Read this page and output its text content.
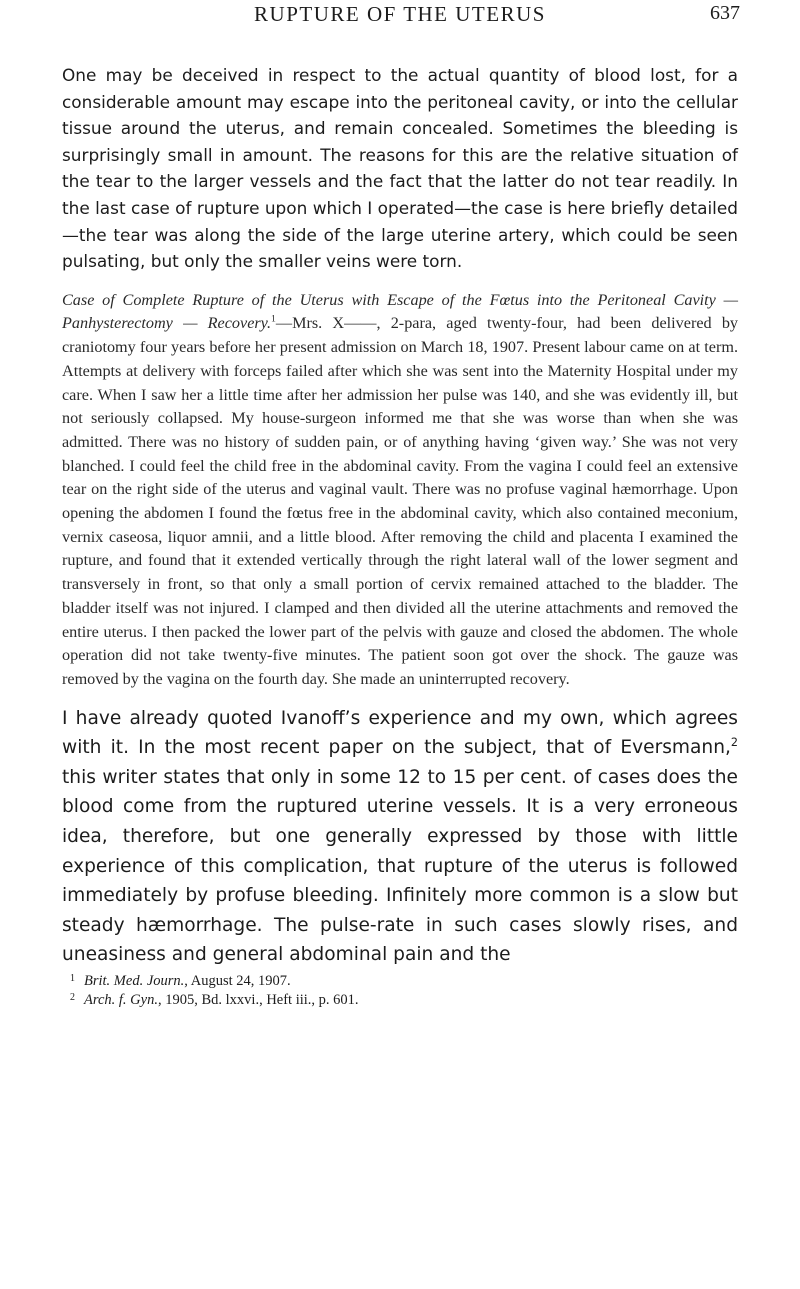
RUPTURE OF THE UTERUS	637

One may be deceived in respect to the actual quantity of blood lost, for a considerable amount may escape into the peritoneal cavity, or into the cellular tissue around the uterus, and remain concealed. Sometimes the bleeding is surprisingly small in amount. The reasons for this are the relative situation of the tear to the larger vessels and the fact that the latter do not tear readily. In the last case of rupture upon which I operated—the case is here briefly detailed—the tear was along the side of the large uterine artery, which could be seen pulsating, but only the smaller veins were torn.

Case of Complete Rupture of the Uterus with Escape of the Fœtus into the Peritoneal Cavity — Panhysterectomy — Recovery.$^1$—Mrs. X——, 2-para, aged twenty-four, had been delivered by craniotomy four years before her present admission on March 18, 1907. Present labour came on at term. Attempts at delivery with forceps failed after which she was sent into the Maternity Hospital under my care. When I saw her a little time after her admission her pulse was 140, and she was evidently ill, but not seriously collapsed. My house-surgeon informed me that she was worse than when she was admitted. There was no history of sudden pain, or of anything having ‘given way.’ She was not very blanched. I could feel the child free in the abdominal cavity. From the vagina I could feel an extensive tear on the right side of the uterus and vaginal vault. There was no profuse vaginal hæmorrhage. Upon opening the abdomen I found the fœtus free in the abdominal cavity, which also contained meconium, vernix caseosa, liquor amnii, and a little blood. After removing the child and placenta I examined the rupture, and found that it extended vertically through the right lateral wall of the lower segment and transversely in front, so that only a small portion of cervix remained attached to the bladder. The bladder itself was not injured. I clamped and then divided all the uterine attachments and removed the entire uterus. I then packed the lower part of the pelvis with gauze and closed the abdomen. The whole operation did not take twenty-five minutes. The patient soon got over the shock. The gauze was removed by the vagina on the fourth day. She made an uninterrupted recovery.

I have already quoted Ivanoff’s experience and my own, which agrees with it. In the most recent paper on the subject, that of Eversmann,$^2$ this writer states that only in some 12 to 15 per cent. of cases does the blood come from the ruptured uterine vessels. It is a very erroneous idea, therefore, but one generally expressed by those with little experience of this complication, that rupture of the uterus is followed immediately by profuse bleeding. Infinitely more common is a slow but steady hæmorrhage. The pulse-rate in such cases slowly rises, and uneasiness and general abdominal pain and the

1 Brit. Med. Journ., August 24, 1907.
2 Arch. f. Gyn., 1905, Bd. lxxvi., Heft iii., p. 601.
